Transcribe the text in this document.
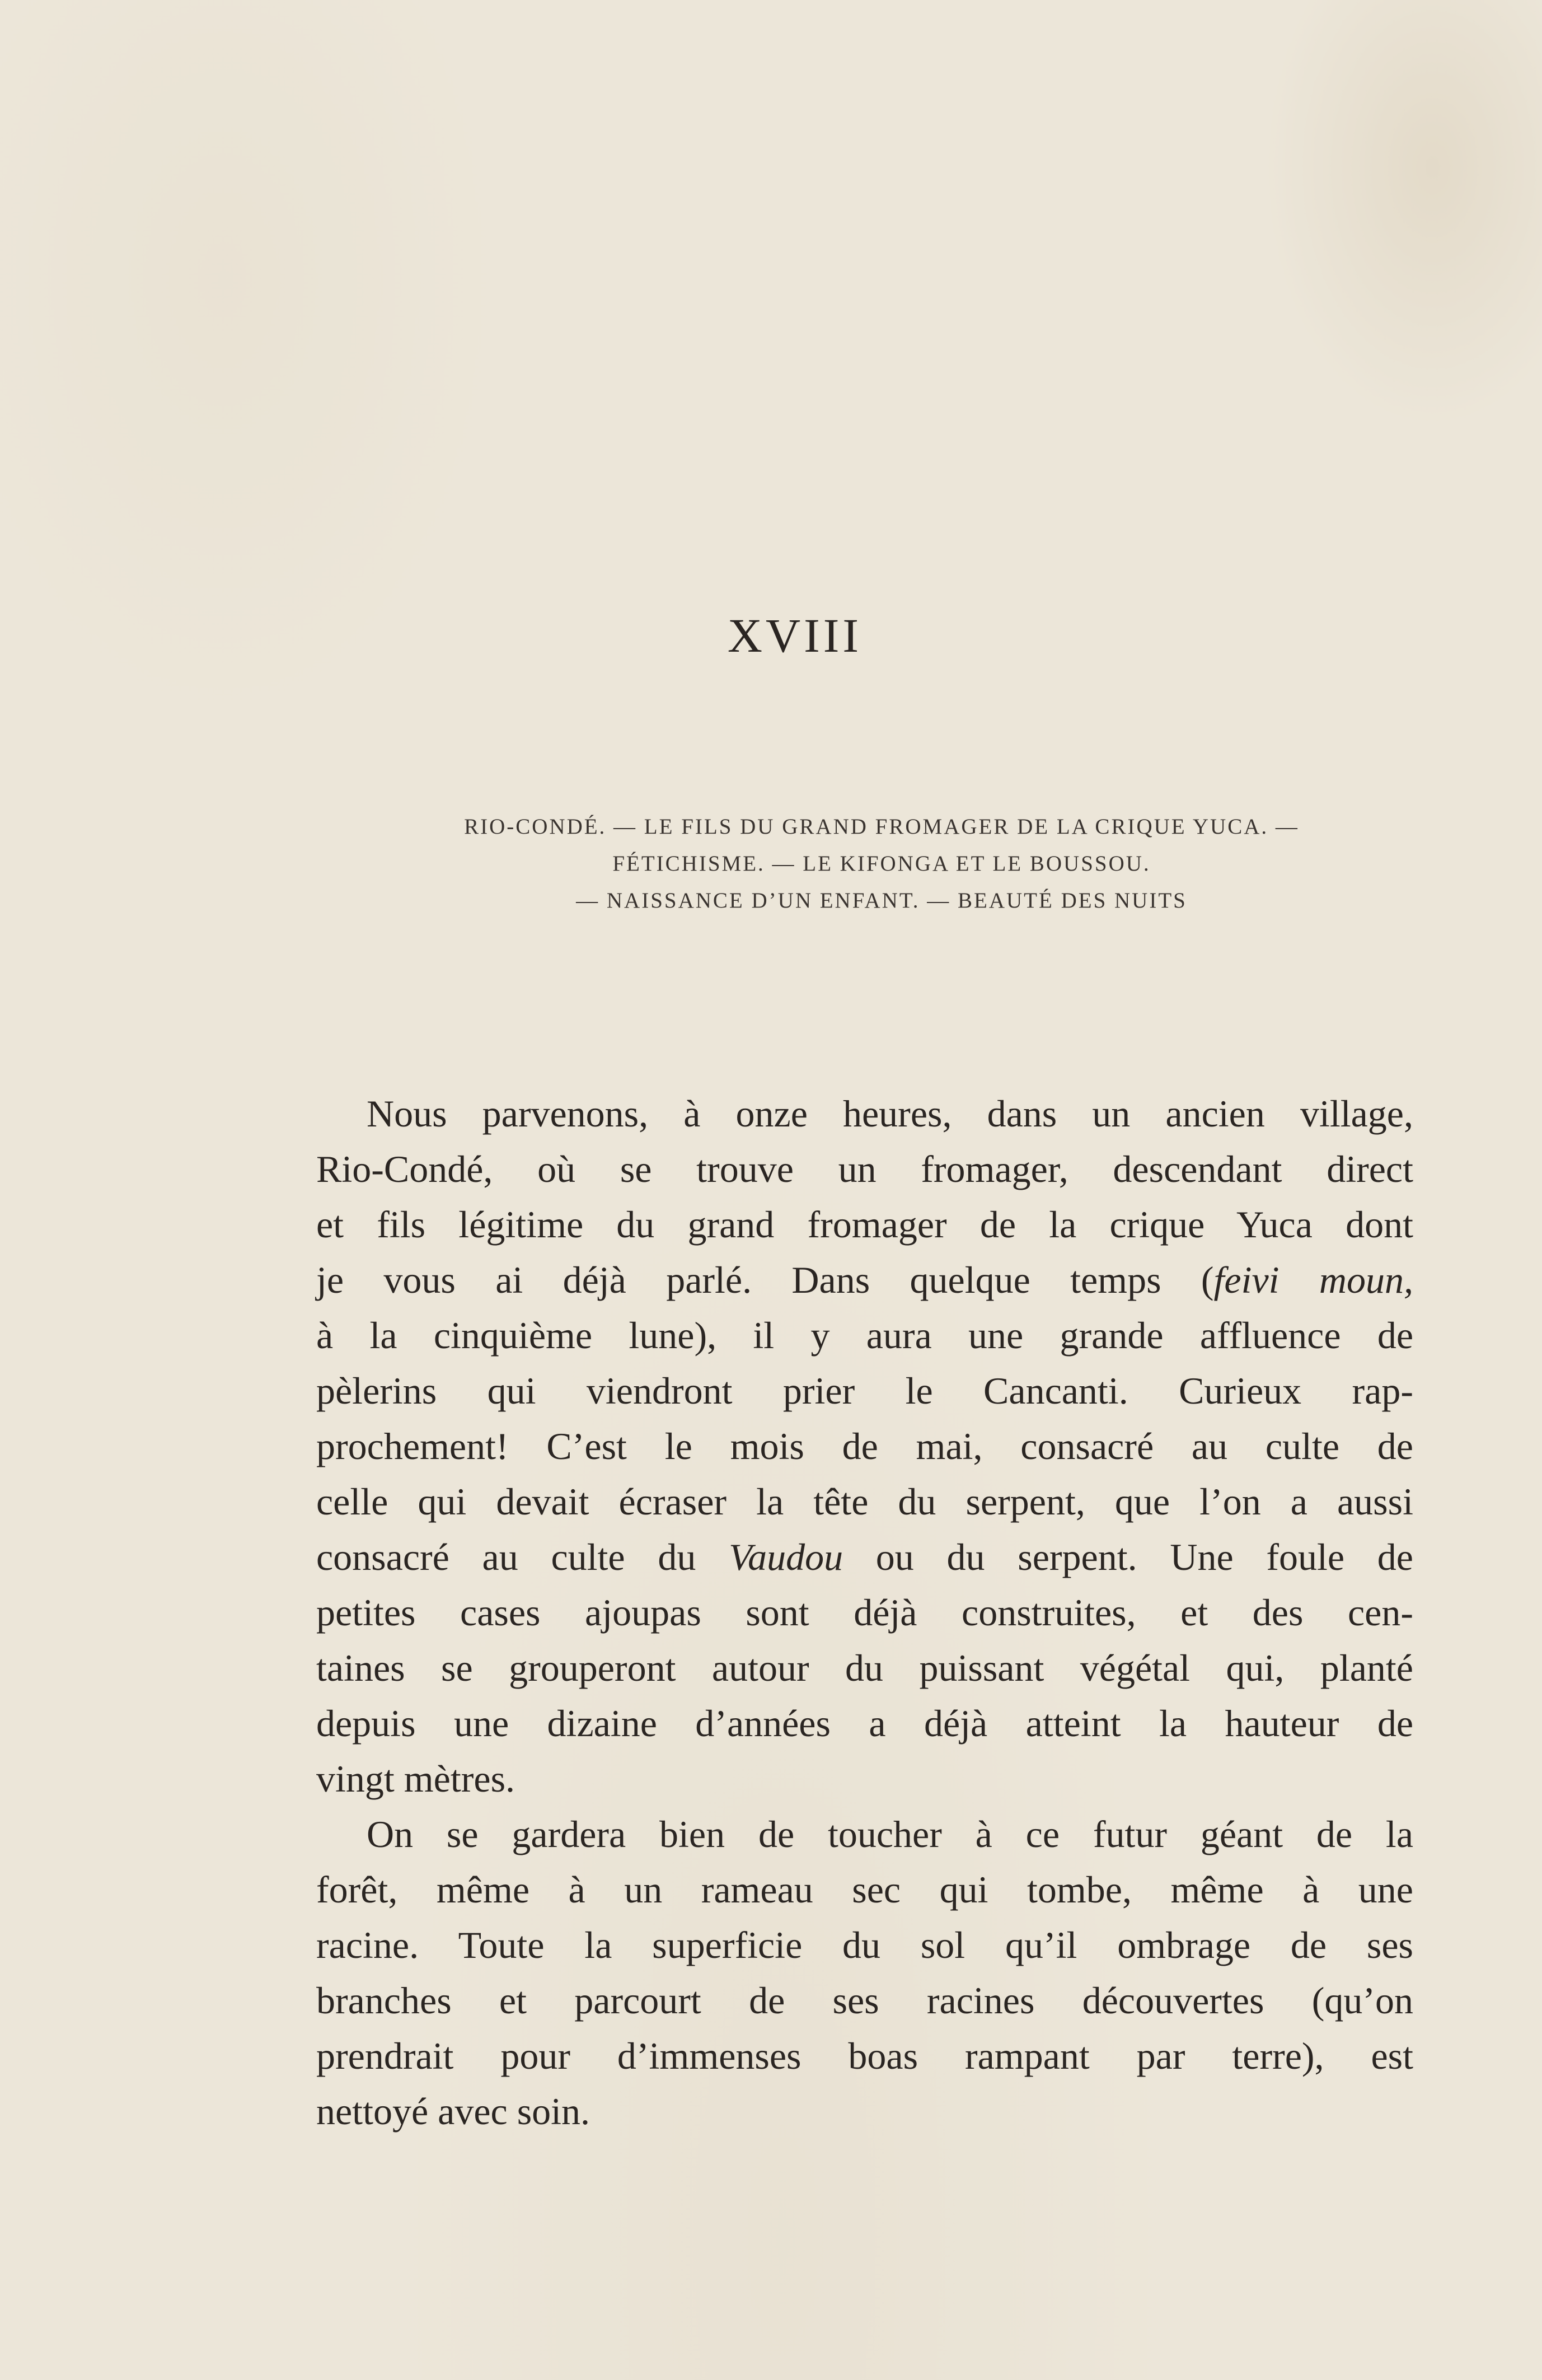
XVIII
RIO-CONDÉ. — LE FILS DU GRAND FROMAGER DE LA CRIQUE YUCA. —
FÉTICHISME. — LE KIFONGA ET LE BOUSSOU.
— NAISSANCE D’UN ENFANT. — BEAUTÉ DES NUITS
Nous parvenons, à onze heures, dans un ancien village,
Rio-Condé, où se trouve un fromager, descendant direct
et fils légitime du grand fromager de la crique Yuca dont
je vous ai déjà parlé. Dans quelque temps (feivi moun,
à la cinquième lune), il y aura une grande affluence de
pèlerins qui viendront prier le Cancanti. Curieux rap-
prochement! C’est le mois de mai, consacré au culte de
celle qui devait écraser la tête du serpent, que l’on a aussi
consacré au culte du Vaudou ou du serpent. Une foule de
petites cases ajoupas sont déjà construites, et des cen-
taines se grouperont autour du puissant végétal qui, planté
depuis une dizaine d’années a déjà atteint la hauteur de
vingt mètres.
On se gardera bien de toucher à ce futur géant de la
forêt, même à un rameau sec qui tombe, même à une
racine. Toute la superficie du sol qu’il ombrage de ses
branches et parcourt de ses racines découvertes (qu’on
prendrait pour d’immenses boas rampant par terre), est
nettoyé avec soin.
